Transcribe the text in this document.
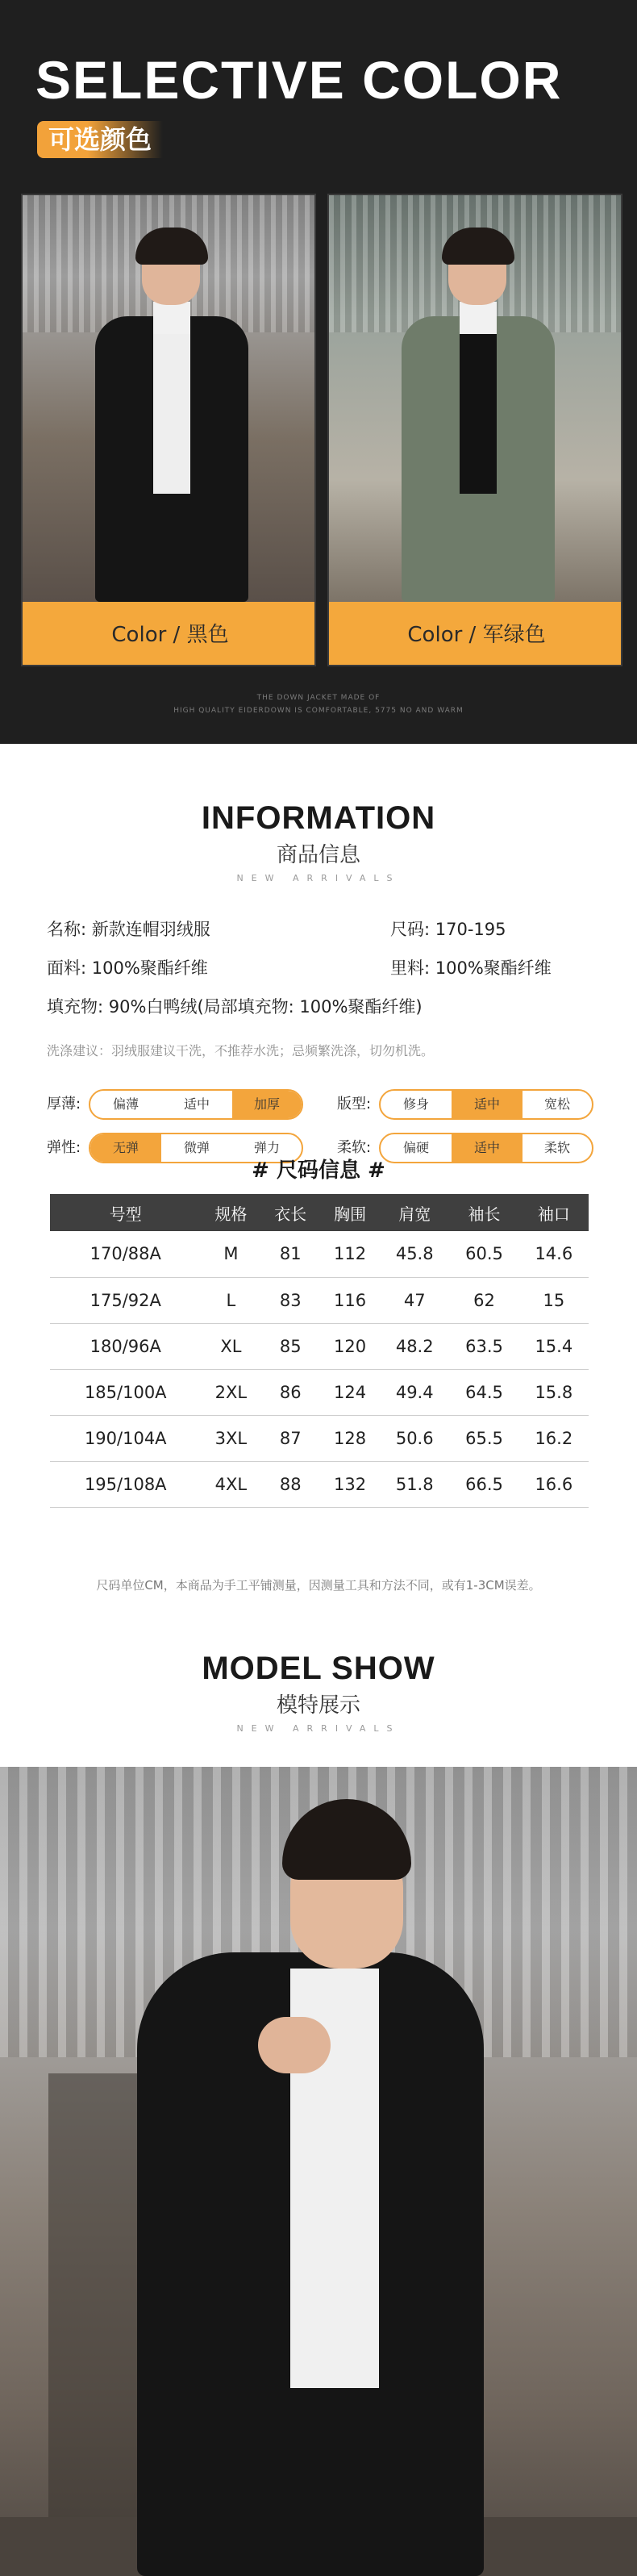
SELECTIVE COLOR
可选颜色
Color / 黑色	Color / 军绿色
THE DOWN JACKET MADE OF
HIGH QUALITY EIDERDOWN IS COMFORTABLE, 5775 NO AND WARM
INFORMATION
商品信息
NEW ARRIVALS
名称: 新款连帽羽绒服	尺码: 170-195
面料: 100%聚酯纤维	里料: 100%聚酯纤维
填充物: 90%白鸭绒(局部填充物: 100%聚酯纤维)
洗涤建议：羽绒服建议干洗，不推荐水洗；忌频繁洗涤，切勿机洗。
厚薄:	偏薄	适中	加厚	版型:	修身	适中	宽松
弹性:	无弹	微弹	弹力	柔软:	偏硬	适中	柔软
# 尺码信息 #
号型	规格	衣长	胸围	肩宽	袖长	袖口
170/88A	M	81	112	45.8	60.5	14.6
175/92A	L	83	116	47	62	15
180/96A	XL	85	120	48.2	63.5	15.4
185/100A	2XL	86	124	49.4	64.5	15.8
190/104A	3XL	87	128	50.6	65.5	16.2
195/108A	4XL	88	132	51.8	66.5	16.6
尺码单位CM，本商品为手工平铺测量，因测量工具和方法不同，或有1-3CM误差。
MODEL SHOW
模特展示
NEW ARRIVALS
